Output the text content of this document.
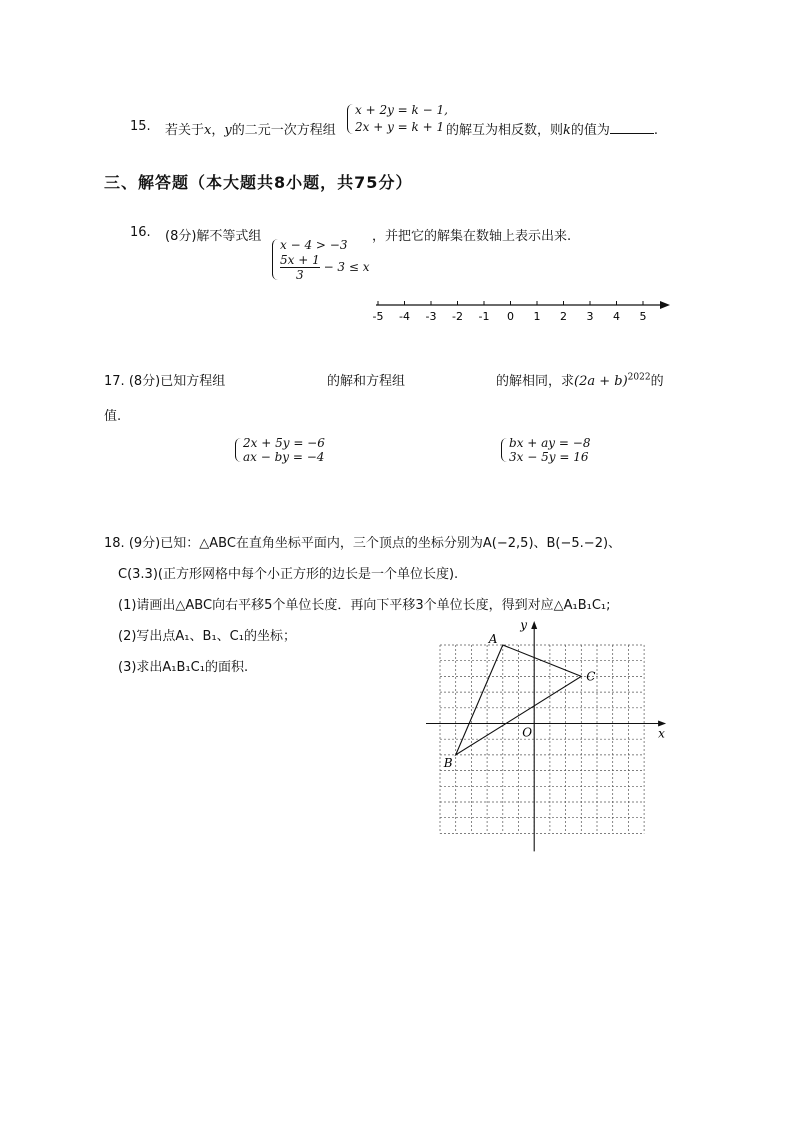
15. 若关于x，y的二元一次方程组
x + 2y = k − 1,
2x + y = k + 1 的解互为相反数，则k的值为	.
三、解答题（本大题共8小题，共75分）
16. (8分)解不等式组
x − 4 > −3
$\frac{5x + 1}{3} - 3 \le x$
，并把它的解集在数轴上表示出来.
-5 -4 -3 -2 -1 0 1 2 3 4 5
17. (8分)已知方程组
2x + 5y = −6
ax − by = −4

的解和方程组
bx + ay = −8
3x − 5y = 16
的解相同，求$(2a + b)^{2022}$的
值.
18. (9分)已知：△ABC在直角坐标平面内，三个顶点的坐标分别为A(−2,5)、B(−5.−2)、
C(3.3)(正方形网格中每个小正方形的边长是一个单位长度).
(1)请画出△ABC向右平移5个单位长度．再向下平移3个单位长度，得到对应△A₁B₁C₁;
(2)写出点A₁、B₁、C₁的坐标；
(3)求出A₁B₁C₁的面积.
x
y
O
A
B
C
